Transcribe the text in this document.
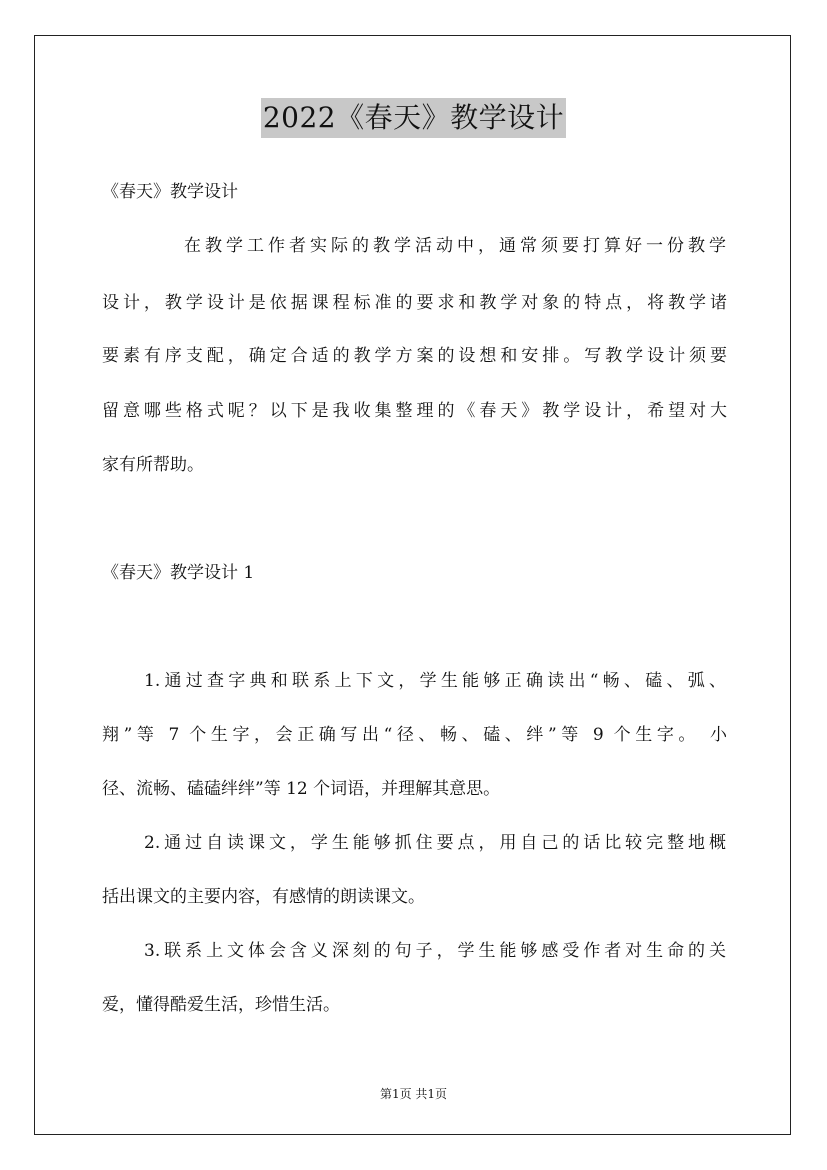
2022《春天》教学设计
《春天》教学设计
在教学工作者实际的教学活动中，通常须要打算好一份教学
设计，教学设计是依据课程标准的要求和教学对象的特点，将教学诸
要素有序支配，确定合适的教学方案的设想和安排。写教学设计须要
留意哪些格式呢？以下是我收集整理的《春天》教学设计，希望对大
家有所帮助。
《春天》教学设计 1
1.通过查字典和联系上下文，学生能够正确读出“畅、磕、弧、
翔”等 7 个生字，会正确写出“径、畅、磕、绊”等 9 个生字。 小
径、流畅、磕磕绊绊”等 12 个词语，并理解其意思。
2.通过自读课文，学生能够抓住要点，用自己的话比较完整地概
括出课文的主要内容，有感情的朗读课文。
3.联系上文体会含义深刻的句子，学生能够感受作者对生命的关
爱，懂得酷爱生活，珍惜生活。
第1页 共1页
